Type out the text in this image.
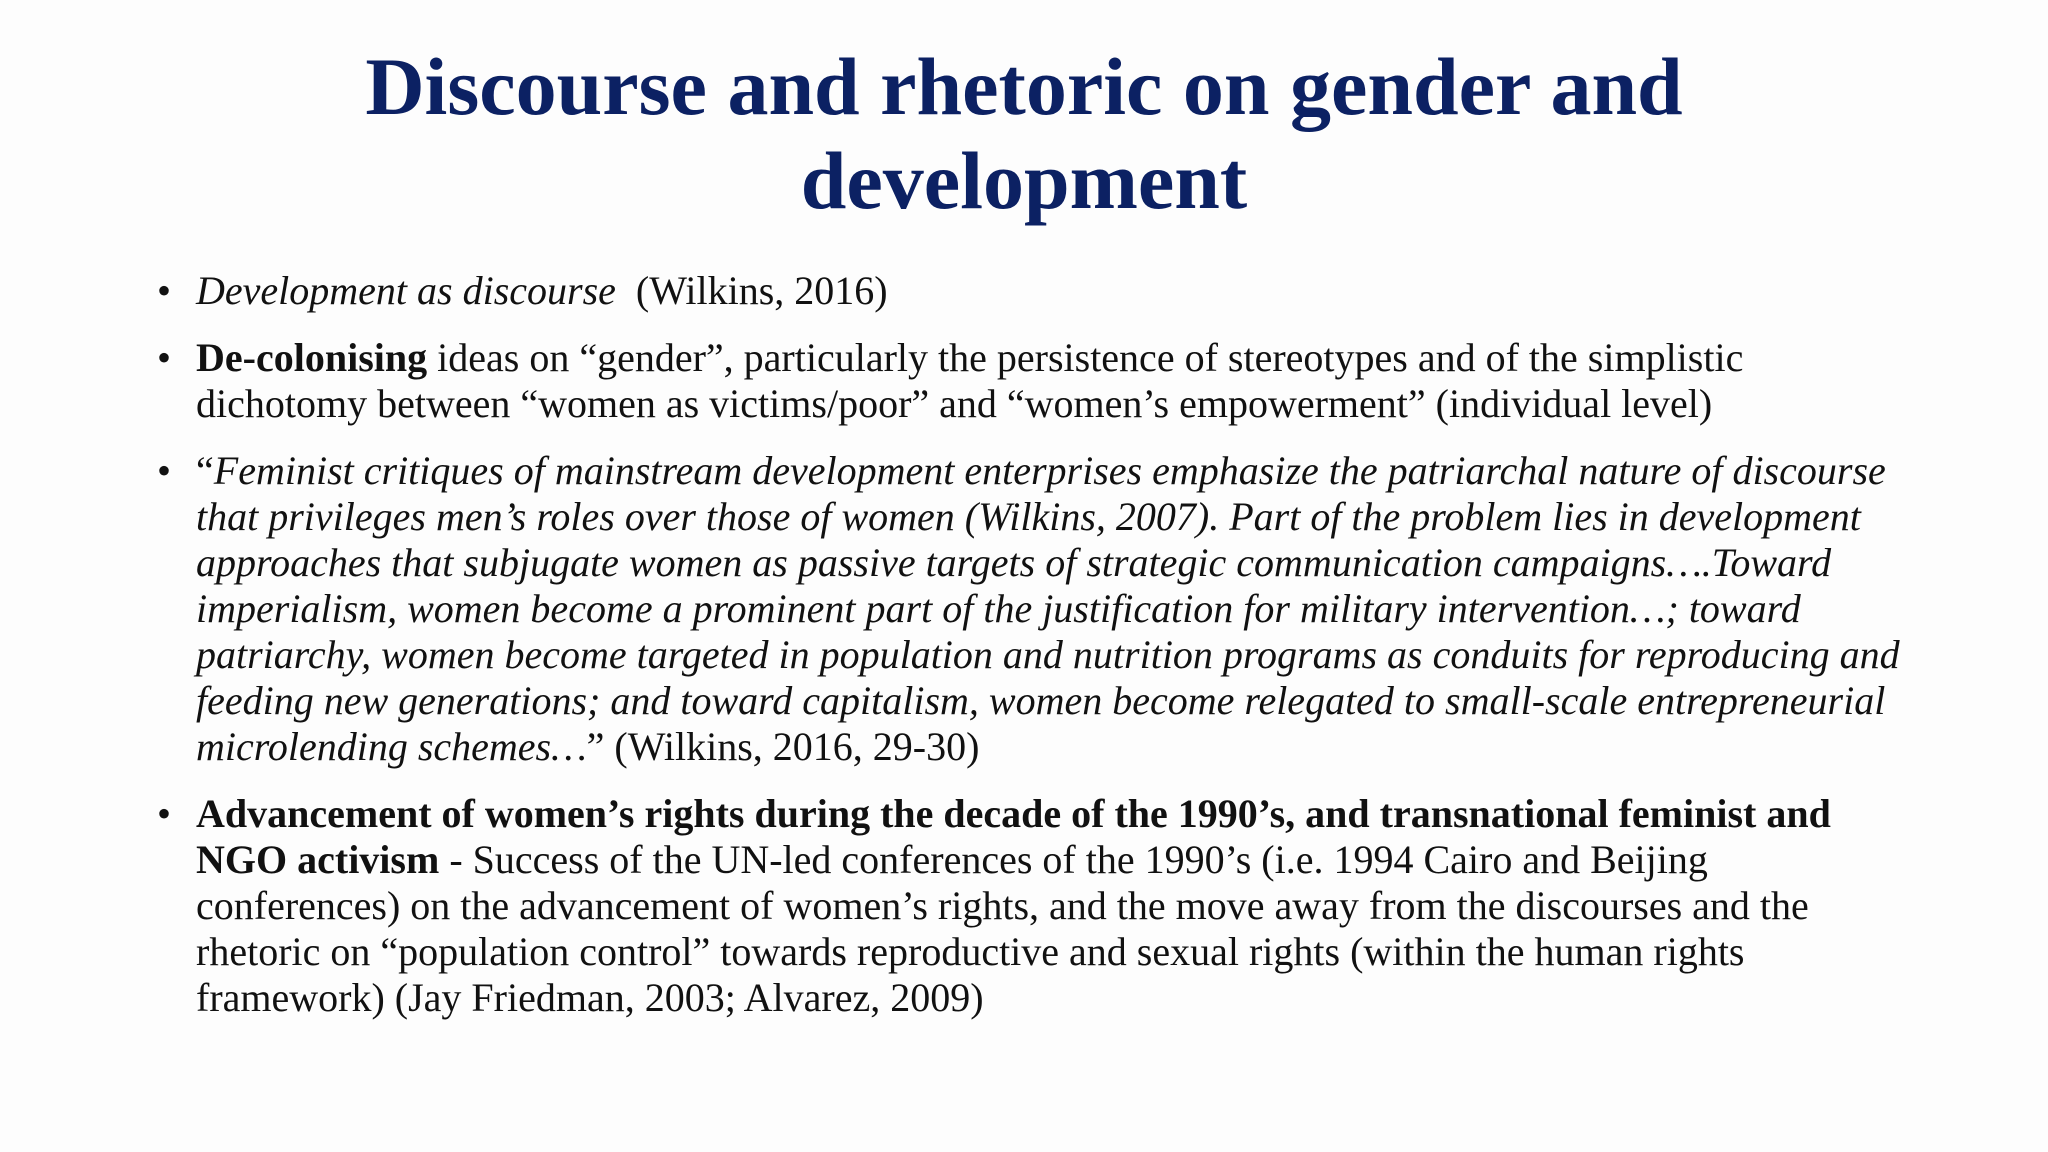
Discourse and rhetoric on gender and
development
• Development as discourse  (Wilkins, 2016)
• De-colonising ideas on “gender”, particularly the persistence of stereotypes and of the simplistic dichotomy between “women as victims/poor” and “women’s empowerment” (individual level)
• “Feminist critiques of mainstream development enterprises emphasize the patriarchal nature of discourse that privileges men’s roles over those of women (Wilkins, 2007). Part of the problem lies in development approaches that subjugate women as passive targets of strategic communication campaigns….Toward imperialism, women become a prominent part of the justification for military intervention…; toward patriarchy, women become targeted in population and nutrition programs as conduits for reproducing and feeding new generations; and toward capitalism, women become relegated to small-scale entrepreneurial microlending schemes…” (Wilkins, 2016, 29-30)
• Advancement of women’s rights during the decade of the 1990’s, and transnational feminist and NGO activism - Success of the UN-led conferences of the 1990’s (i.e. 1994 Cairo and Beijing conferences) on the advancement of women’s rights, and the move away from the discourses and the rhetoric on “population control” towards reproductive and sexual rights (within the human rights framework) (Jay Friedman, 2003; Alvarez, 2009)
